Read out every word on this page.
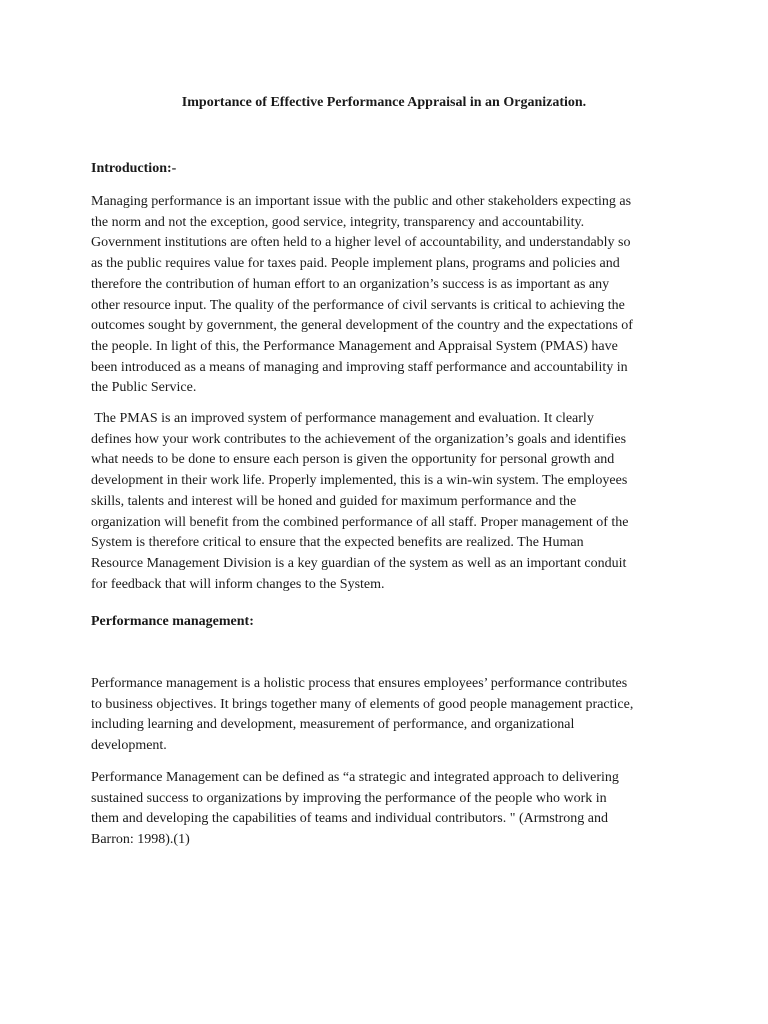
Importance of Effective Performance Appraisal in an Organization.
Introduction:-
Managing performance is an important issue with the public and other stakeholders expecting as
the norm and not the exception, good service, integrity, transparency and accountability.
Government institutions are often held to a higher level of accountability, and understandably so
as the public requires value for taxes paid. People implement plans, programs and policies and
therefore the contribution of human effort to an organization’s success is as important as any
other resource input. The quality of the performance of civil servants is critical to achieving the
outcomes sought by government, the general development of the country and the expectations of
the people. In light of this, the Performance Management and Appraisal System (PMAS) have
been introduced as a means of managing and improving staff performance and accountability in
the Public Service.
The PMAS is an improved system of performance management and evaluation. It clearly
defines how your work contributes to the achievement of the organization’s goals and identifies
what needs to be done to ensure each person is given the opportunity for personal growth and
development in their work life. Properly implemented, this is a win-win system. The employees
skills, talents and interest will be honed and guided for maximum performance and the
organization will benefit from the combined performance of all staff. Proper management of the
System is therefore critical to ensure that the expected benefits are realized. The Human
Resource Management Division is a key guardian of the system as well as an important conduit
for feedback that will inform changes to the System.
Performance management:
Performance management is a holistic process that ensures employees’ performance contributes
to business objectives. It brings together many of elements of good people management practice,
including learning and development, measurement of performance, and organizational
development.
Performance Management can be defined as “a strategic and integrated approach to delivering
sustained success to organizations by improving the performance of the people who work in
them and developing the capabilities of teams and individual contributors. " (Armstrong and
Barron: 1998).(1)
